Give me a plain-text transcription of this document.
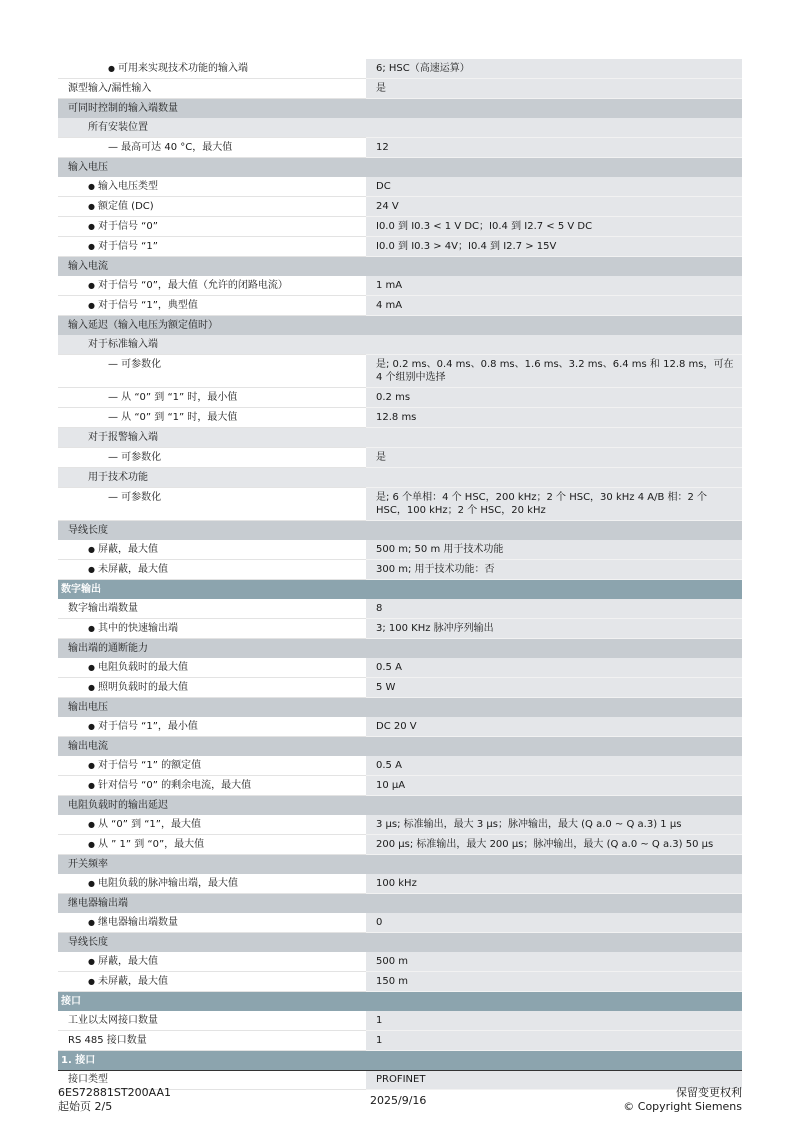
● 可用来实现技术功能的输入端	6; HSC（高速运算）
源型输入/漏性输入	是
可同时控制的输入端数量
所有安装位置
— 最高可达 40 °C，最大值	12
输入电压
● 输入电压类型	DC
● 额定值 (DC)	24 V
● 对于信号 “0”	I0.0 到 I0.3 < 1 V DC；I0.4 到 I2.7 < 5 V DC
● 对于信号 “1”	I0.0 到 I0.3 > 4V；I0.4 到 I2.7 > 15V
输入电流
● 对于信号 “0”，最大值（允许的闭路电流）	1 mA
● 对于信号 “1”，典型值	4 mA
输入延迟（输入电压为额定值时）
对于标准输入端
— 可参数化	是; 0.2 ms、0.4 ms、0.8 ms、1.6 ms、3.2 ms、6.4 ms 和 12.8 ms，可在 4 个组别中选择
— 从 “0” 到 “1” 时，最小值	0.2 ms
— 从 “0” 到 “1” 时，最大值	12.8 ms
对于报警输入端
— 可参数化	是
用于技术功能
— 可参数化	是; 6 个单相：4 个 HSC，200 kHz；2 个 HSC，30 kHz 4 A/B 相：2 个 HSC，100 kHz；2 个 HSC，20 kHz
导线长度
● 屏蔽，最大值	500 m; 50 m 用于技术功能
● 未屏蔽，最大值	300 m; 用于技术功能：否
数字输出
数字输出端数量	8
● 其中的快速输出端	3; 100 KHz 脉冲序列输出
输出端的通断能力
● 电阻负载时的最大值	0.5 A
● 照明负载时的最大值	5 W
输出电压
● 对于信号 “1”，最小值	DC 20 V
输出电流
● 对于信号 “1” 的额定值	0.5 A
● 针对信号 “0” 的剩余电流，最大值	10 µA
电阻负载时的输出延迟
● 从 “0” 到 “1”，最大值	3 µs; 标准输出，最大 3 µs；脉冲输出，最大 (Q a.0 ~ Q a.3) 1 µs
● 从 ” 1” 到 “0”，最大值	200 µs; 标准输出，最大 200 µs；脉冲输出，最大 (Q a.0 ~ Q a.3) 50 µs
开关频率
● 电阻负载的脉冲输出端，最大值	100 kHz
继电器输出端
● 继电器输出端数量	0
导线长度
● 屏蔽，最大值	500 m
● 未屏蔽，最大值	150 m
接口
工业以太网接口数量	1
RS 485 接口数量	1
1. 接口
接口类型	PROFINET
6ES72881ST200AA1
起始页 2/5	2025/9/16
保留变更权利
© Copyright Siemens
